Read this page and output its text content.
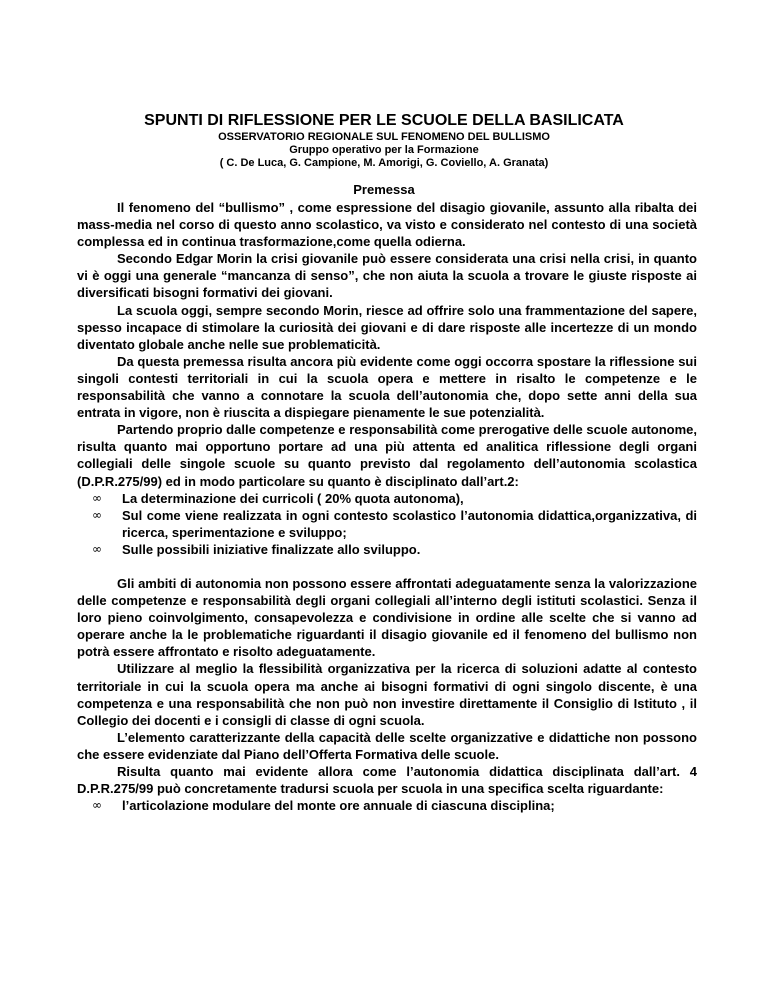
SPUNTI DI RIFLESSIONE PER LE SCUOLE DELLA BASILICATA
OSSERVATORIO REGIONALE SUL FENOMENO DEL BULLISMO
Gruppo operativo per la Formazione
( C. De Luca, G. Campione, M. Amorigi, G. Coviello, A. Granata)
Premessa

Il fenomeno del “bullismo” , come espressione del disagio giovanile, assunto alla ribalta dei mass-media nel corso di questo anno scolastico, va visto e considerato nel contesto di una società complessa ed in continua trasformazione,come quella odierna.

Secondo Edgar Morin la crisi giovanile può essere considerata una crisi nella crisi, in quanto vi è oggi una generale “mancanza di senso”, che non aiuta la scuola a trovare le giuste risposte ai diversificati bisogni formativi dei giovani.

La scuola oggi, sempre secondo Morin, riesce ad offrire solo una frammentazione del sapere, spesso incapace di stimolare la curiosità dei giovani e di dare risposte alle incertezze di un mondo diventato globale anche nelle sue problematicità.

Da questa premessa risulta ancora più evidente come oggi occorra spostare la riflessione sui singoli contesti territoriali in cui la scuola opera e mettere in risalto le competenze e le responsabilità che vanno a connotare la scuola dell’autonomia che, dopo sette anni della sua entrata in vigore, non è riuscita a dispiegare pienamente le sue potenzialità.

Partendo proprio dalle competenze e responsabilità come prerogative delle scuole autonome, risulta quanto mai opportuno portare ad una più attenta ed analitica riflessione degli organi collegiali delle singole scuole su quanto previsto dal regolamento dell’autonomia scolastica (D.P.R.275/99) ed in modo particolare su quanto è disciplinato dall’art.2:

∞	La determinazione dei curricoli ( 20% quota autonoma),
∞	Sul come viene realizzata in ogni contesto scolastico l’autonomia didattica,organizzativa, di ricerca, sperimentazione e sviluppo;
∞	Sulle possibili iniziative finalizzate allo sviluppo.

Gli ambiti di autonomia non possono essere affrontati adeguatamente senza la valorizzazione delle competenze e responsabilità degli organi collegiali all’interno degli istituti scolastici. Senza il loro pieno coinvolgimento, consapevolezza e condivisione in ordine alle scelte che si vanno ad operare anche la le problematiche riguardanti il disagio giovanile ed il fenomeno del bullismo non potrà essere affrontato e risolto adeguatamente.

Utilizzare al meglio la flessibilità organizzativa per la ricerca di soluzioni adatte al contesto territoriale in cui la scuola opera ma anche ai bisogni formativi di ogni singolo discente, è una competenza e una responsabilità che non può non investire direttamente il Consiglio di Istituto , il Collegio dei docenti e i consigli di classe di ogni scuola.

L’elemento caratterizzante della capacità delle scelte organizzative e didattiche non possono che essere evidenziate dal Piano dell’Offerta Formativa delle scuole.

Risulta quanto mai evidente allora come l’autonomia didattica disciplinata dall’art. 4 D.P.R.275/99 può concretamente tradursi scuola per scuola in una specifica scelta riguardante:

∞	l’articolazione modulare del monte ore annuale di ciascuna disciplina;
